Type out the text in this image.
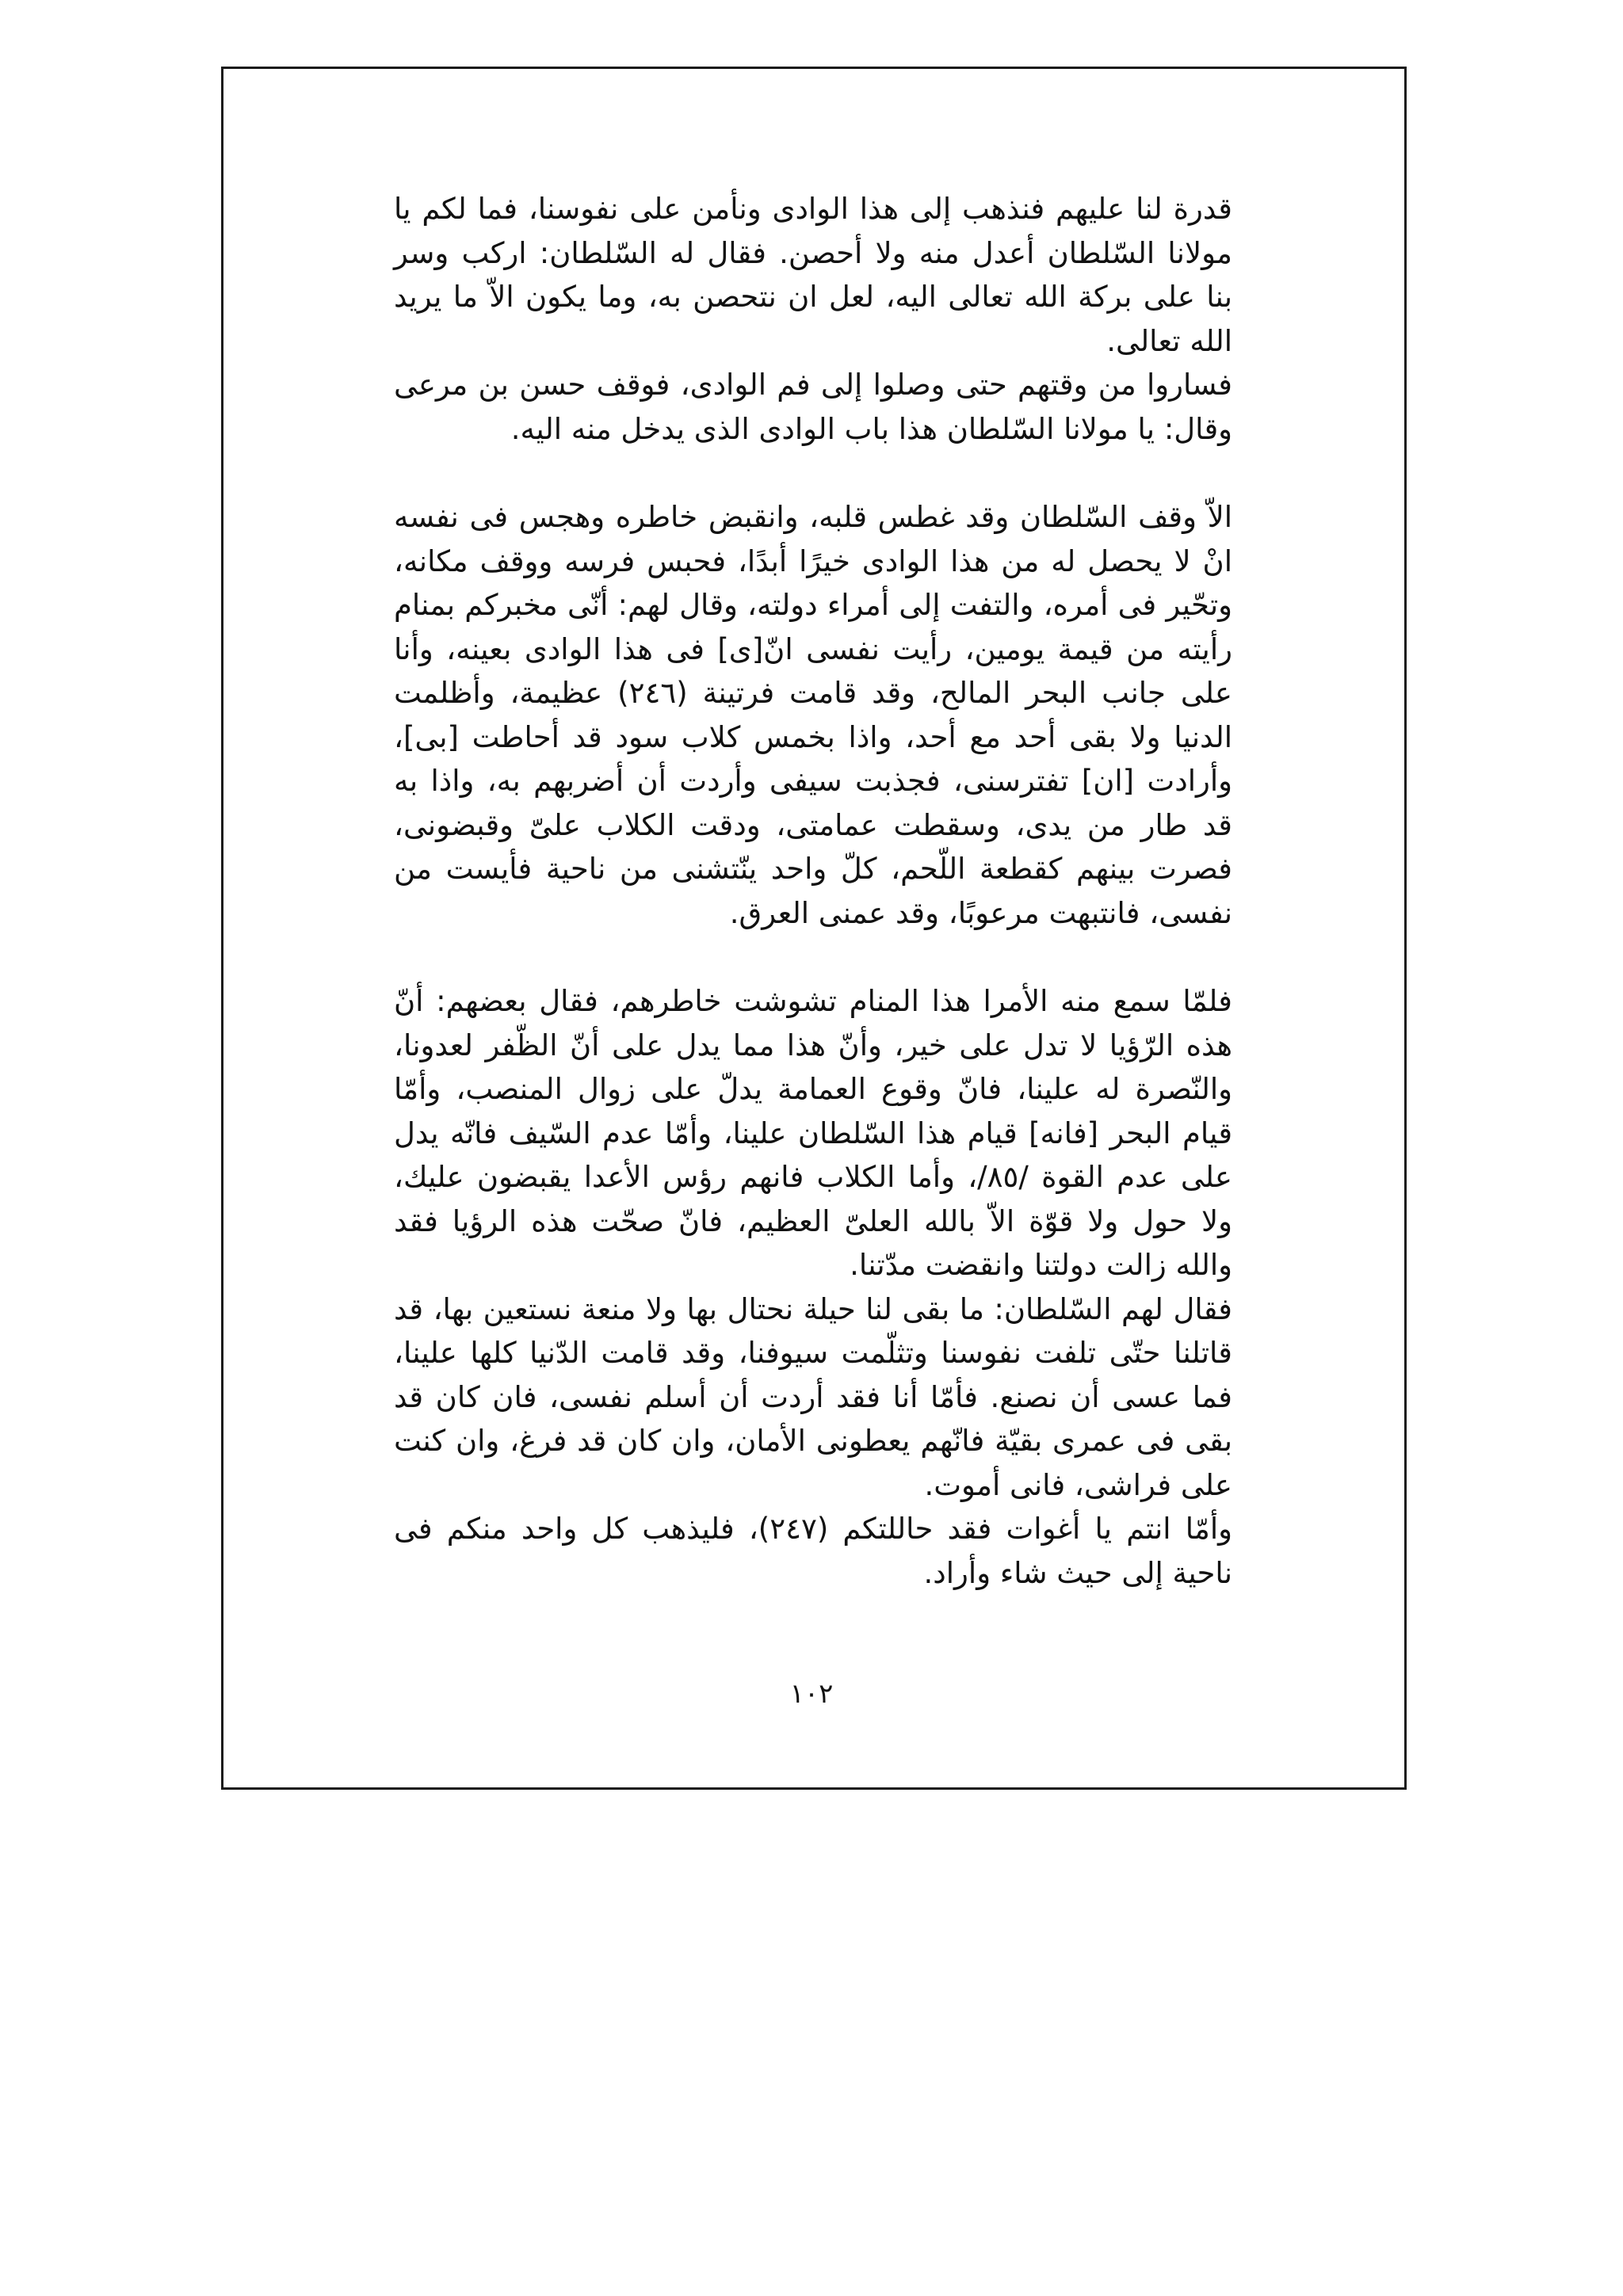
قدرة لنا عليهم فنذهب إلى هذا الوادى ونأمن على نفوسنا، فما لكم يا مولانا السّلطان أعدل منه ولا أحصن. فقال له السّلطان: اركب وسر بنا على بركة الله تعالى اليه، لعل ان نتحصن به، وما يكون الاّ ما يريد الله تعالى.

فساروا من وقتهم حتى وصلوا إلى فم الوادى، فوقف حسن بن مرعى وقال: يا مولانا السّلطان هذا باب الوادى الذى يدخل منه اليه.

الاّ وقف السّلطان وقد غطس قلبه، وانقبض خاطره وهجس فى نفسه انْ لا يحصل له من هذا الوادى خيرًا أبدًا، فحبس فرسه ووقف مكانه، وتحّير فى أمره، والتفت إلى أمراء دولته، وقال لهم: أنّى مخبركم بمنام رأيته من قيمة يومين، رأيت نفسى انّ[ى] فى هذا الوادى بعينه، وأنا على جانب البحر المالح، وقد قامت فرتينة (٢٤٦) عظيمة، وأظلمت الدنيا ولا بقى أحد مع أحد، واذا بخمس كلاب سود قد أحاطت [بى]، وأرادت [ان] تفترسنى، فجذبت سيفى وأردت أن أضربهم به، واذا به قد طار من يدى، وسقطت عمامتى، ودقت الكلاب علىّ وقبضونى، فصرت بينهم كقطعة اللّحم، كلّ واحد ينّتشنى من ناحية فأيست من نفسى، فانتبهت مرعوبًا، وقد عمنى العرق.

فلمّا سمع منه الأمرا هذا المنام تشوشت خاطرهم، فقال بعضهم: أنّ هذه الرّؤيا لا تدل على خير، وأنّ هذا مما يدل على أنّ الظّفر لعدونا، والنّصرة له علينا، فانّ وقوع العمامة يدلّ على زوال المنصب، وأمّا قيام البحر [فانه] قيام هذا السّلطان علينا، وأمّا عدم السّيف فانّه يدل على عدم القوة /٨٥/، وأما الكلاب فانهم رؤس الأعدا يقبضون عليك، ولا حول ولا قوّة الاّ بالله العلىّ العظيم، فانّ صحّت هذه الرؤيا فقد والله زالت دولتنا وانقضت مدّتنا.

فقال لهم السّلطان: ما بقى لنا حيلة نحتال بها ولا منعة نستعين بها، قد قاتلنا حتّى تلفت نفوسنا وتثلّمت سيوفنا، وقد قامت الدّنيا كلها علينا، فما عسى أن نصنع. فأمّا أنا فقد أردت أن أسلم نفسى، فان كان قد بقى فى عمرى بقيّة فانّهم يعطونى الأمان، وان كان قد فرغ، وان كنت على فراشى، فانى أموت.

وأمّا انتم يا أغوات فقد حاللتكم (٢٤٧)، فليذهب كل واحد منكم فى ناحية إلى حيث شاء وأراد.

١٠٢
